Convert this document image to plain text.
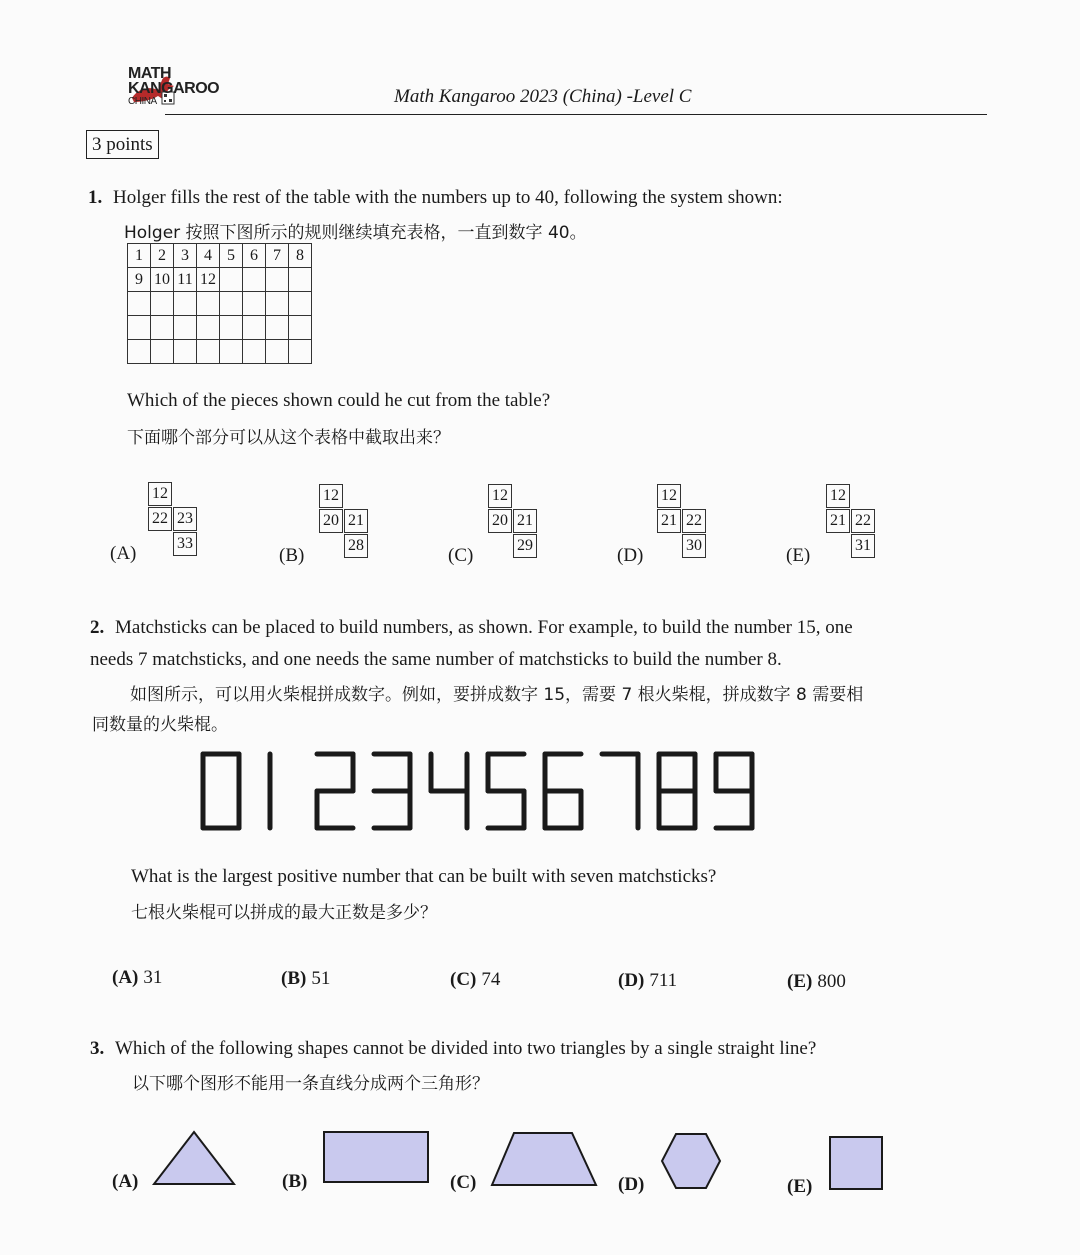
MATH
KANGAROO
CHINA	Math Kangaroo 2023 (China) -Level C
3 points
1. Holger fills the rest of the table with the numbers up to 40, following the system shown:
Holger 按照下图所示的规则继续填充表格，一直到数字 40。
1	2	3	4	5	6	7	8
9	10	11	12				

Which of the pieces shown could he cut from the table?
下面哪个部分可以从这个表格中截取出来？
(A)
12
22 23
33
(B)
12
20 21
28	(C)
12
20 21
29	(D)
12
21 22
30	(E)
12
21 22
31
2. Matchsticks can be placed to build numbers, as shown. For example, to build the number 15, one
needs 7 matchsticks, and one needs the same number of matchsticks to build the number 8.
如图所示，可以用火柴棍拼成数字。例如，要拼成数字 15，需要 7 根火柴棍，拼成数字 8 需要相
同数量的火柴棍。
What is the largest positive number that can be built with seven matchsticks?
七根火柴棍可以拼成的最大正数是多少？
(A) 31	(B) 51	(C) 74	(D) 711	(E) 800
3. Which of the following shapes cannot be divided into two triangles by a single straight line?
以下哪个图形不能用一条直线分成两个三角形？
(A)	(B)	(C)	(D)	(E)
